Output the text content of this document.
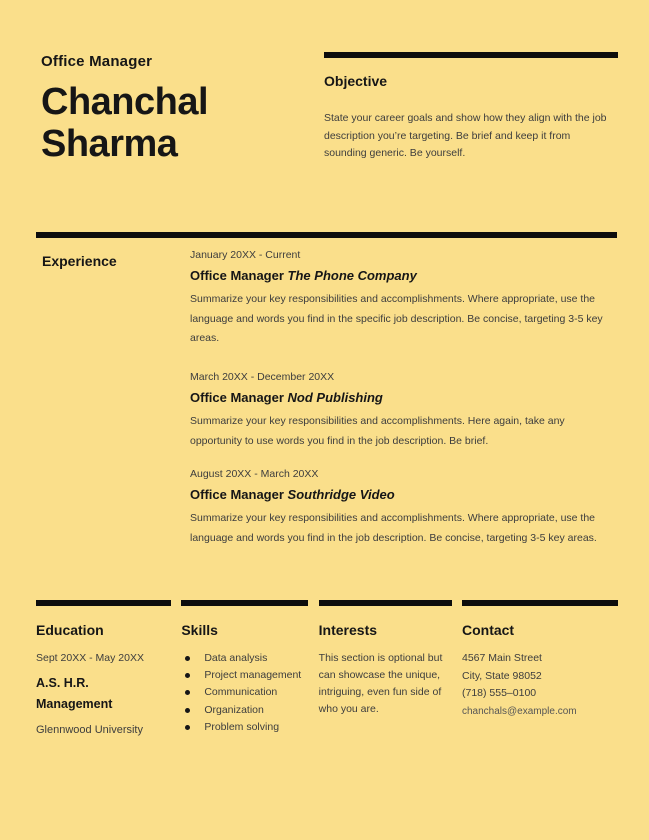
Office Manager
Chanchal Sharma
Objective

State your career goals and show how they align with the job description you’re targeting. Be brief and keep it from sounding generic. Be yourself.

Experience	January 20XX - Current
Office Manager The Phone Company

Summarize your key responsibilities and accomplishments. Where appropriate, use the language and words you find in the specific job description. Be concise, targeting 3-5 key areas.

March 20XX - December 20XX
Office Manager Nod Publishing

Summarize your key responsibilities and accomplishments. Here again, take any opportunity to use words you find in the job description. Be brief.

August 20XX - March 20XX
Office Manager Southridge Video

Summarize your key responsibilities and accomplishments. Where appropriate, use the language and words you find in the job description. Be concise, targeting 3-5 key areas.

Education
Sept 20XX - May 20XX
A.S. H.R. Management
Glennwood University
Skills
Data analysis
Project management
Communication
Organization
Problem solving
Interests

This section is optional but can showcase the unique, intriguing, even fun side of who you are.

Contact

4567 Main Street

City, State 98052

(718) 555–0100

chanchals@example.com
